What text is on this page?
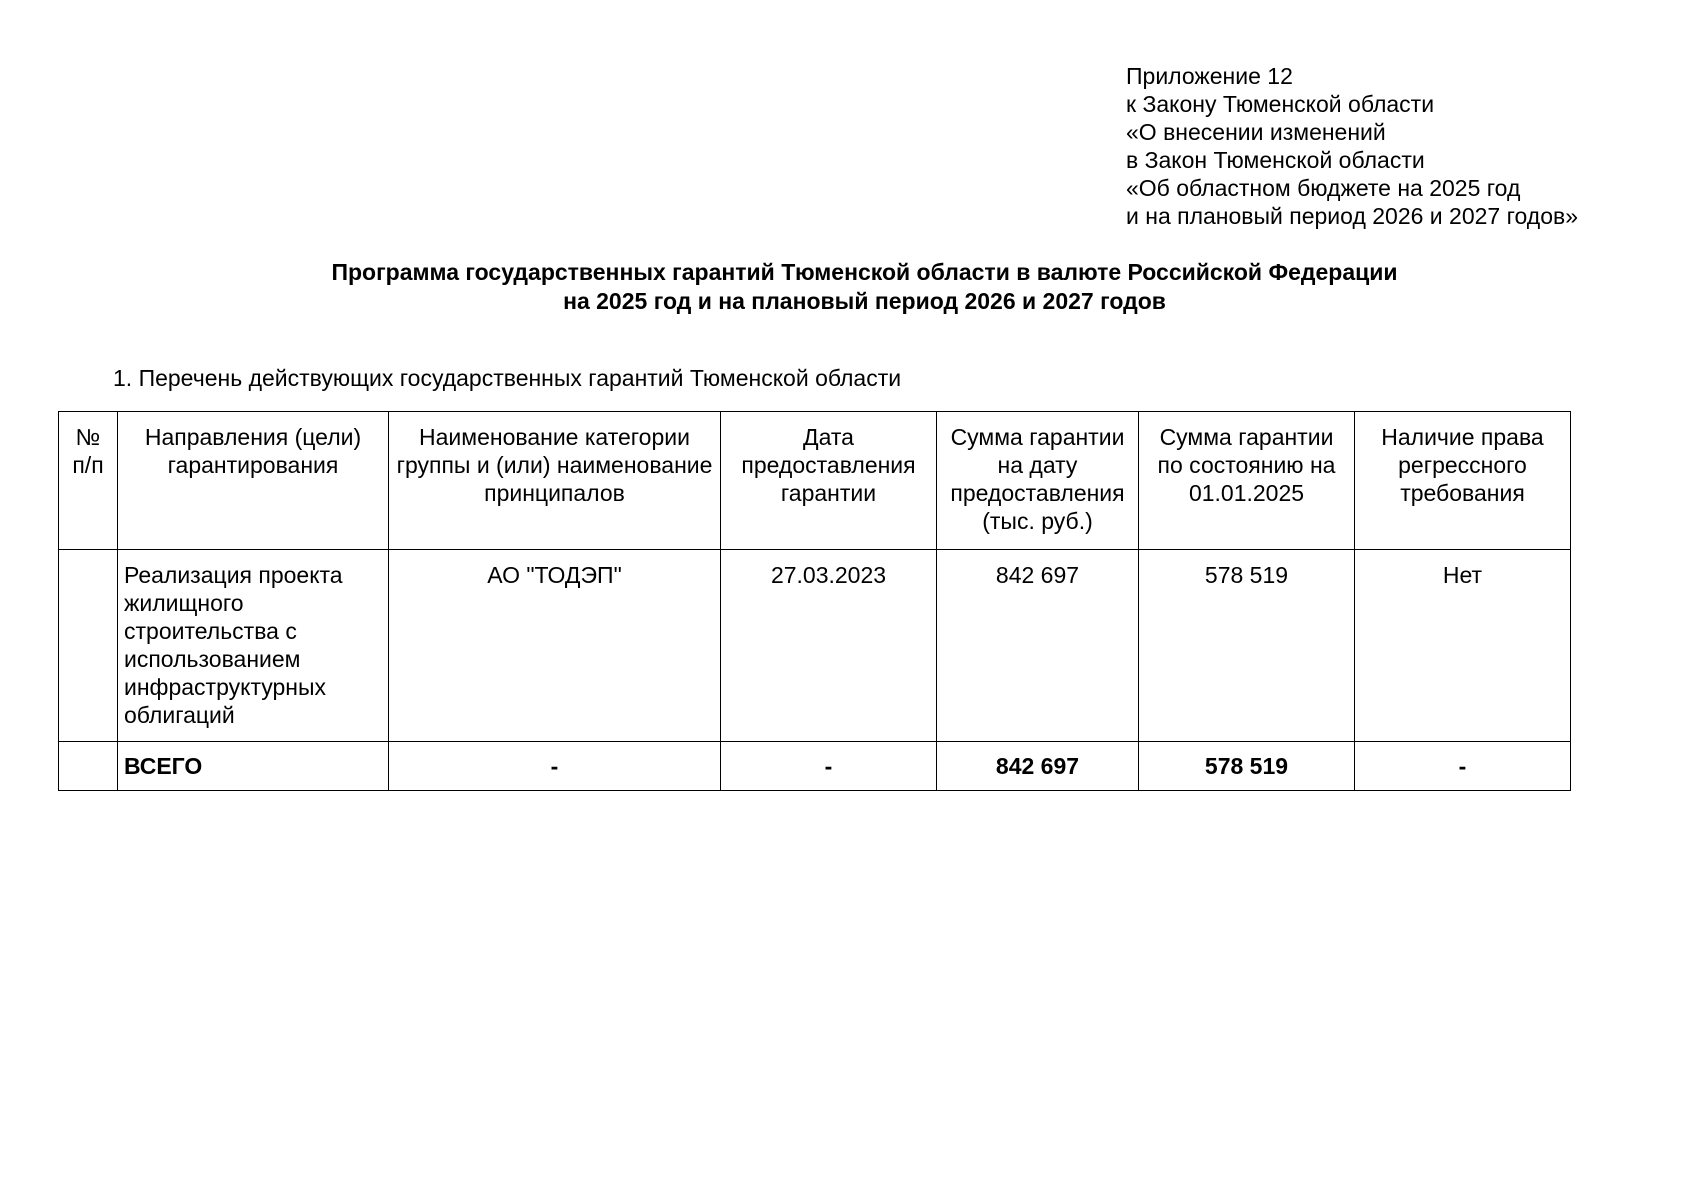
Приложение 12
к Закону Тюменской области
«О внесении изменений
в Закон Тюменской области
«Об областном бюджете на 2025 год
и на плановый период 2026 и 2027 годов»
Программа государственных гарантий Тюменской области в валюте Российской Федерации
на 2025 год и на плановый период 2026 и 2027 годов
1. Перечень действующих государственных гарантий Тюменской области
№ п/п	Направления (цели) гарантирования	Наименование категории группы и (или) наименование принципалов	Дата предоставления гарантии	Сумма гарантии на дату предоставления (тыс. руб.)	Сумма гарантии по состоянию на 01.01.2025	Наличие права регрессного требования
	Реализация проекта жилищного строительства с использованием инфраструктурных облигаций	АО "ТОДЭП"	27.03.2023	842 697	578 519	Нет
	ВСЕГО	-	-	842 697	578 519	-
